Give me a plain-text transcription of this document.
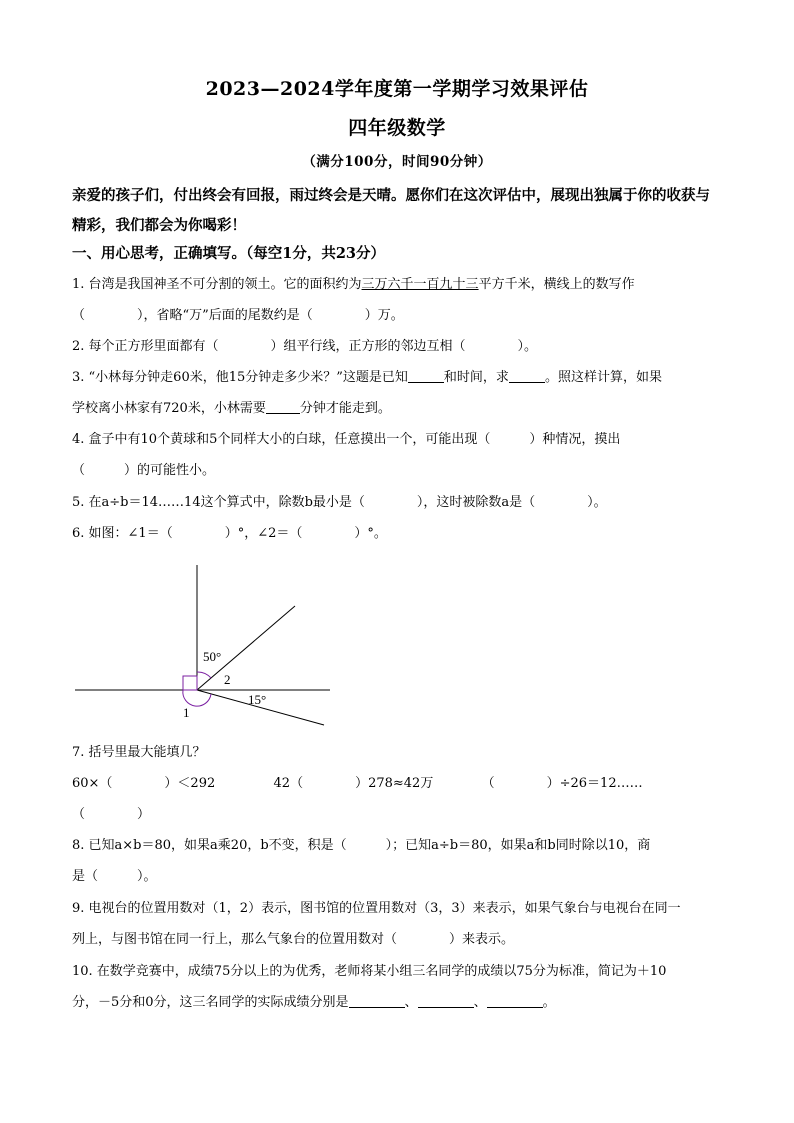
2023—2024学年度第一学期学习效果评估
四年级数学
（满分100分，时间90分钟）
亲爱的孩子们，付出终会有回报，雨过终会是天晴。愿你们在这次评估中，展现出独属于你的收获与精彩，我们都会为你喝彩！
一、用心思考，正确填写。（每空1分，共23分）
1. 台湾是我国神圣不可分割的领土。它的面积约为三万六千一百九十三平方千米，横线上的数写作
（　　　　），省略“万”后面的尾数约是（　　　　）万。
2. 每个正方形里面都有（　　　　）组平行线，正方形的邻边互相（　　　　）。
3. “小林每分钟走60米，他15分钟走多少米？”这题是已知	和时间，求	。照这样计算，如果
学校离小林家有720米，小林需要	分钟才能走到。
4. 盒子中有10个黄球和5个同样大小的白球，任意摸出一个，可能出现（　　　）种情况，摸出
（　　　）的可能性小。
5. 在a÷b＝14……14这个算式中，除数b最小是（　　　　），这时被除数a是（　　　　）。
6. 如图：∠1＝（　　　　）°，∠2＝（　　　　）°。
50°
2
15°
1
7. 括号里最大能填几？
60×（　　　　）＜292	42（　　　　）278≈42万	（　　　　）÷26＝12……
（　　　　）
8. 已知a×b＝80，如果a乘20，b不变，积是（　　　）；已知a÷b＝80，如果a和b同时除以10，商
是（　　　）。
9. 电视台的位置用数对（1，2）表示，图书馆的位置用数对（3，3）来表示，如果气象台与电视台在同一
列上，与图书馆在同一行上，那么气象台的位置用数对（　　　　）来表示。
10. 在数学竞赛中，成绩75分以上的为优秀，老师将某小组三名同学的成绩以75分为标准，简记为＋10
分，－5分和0分，这三名同学的实际成绩分别是	、	、	。
